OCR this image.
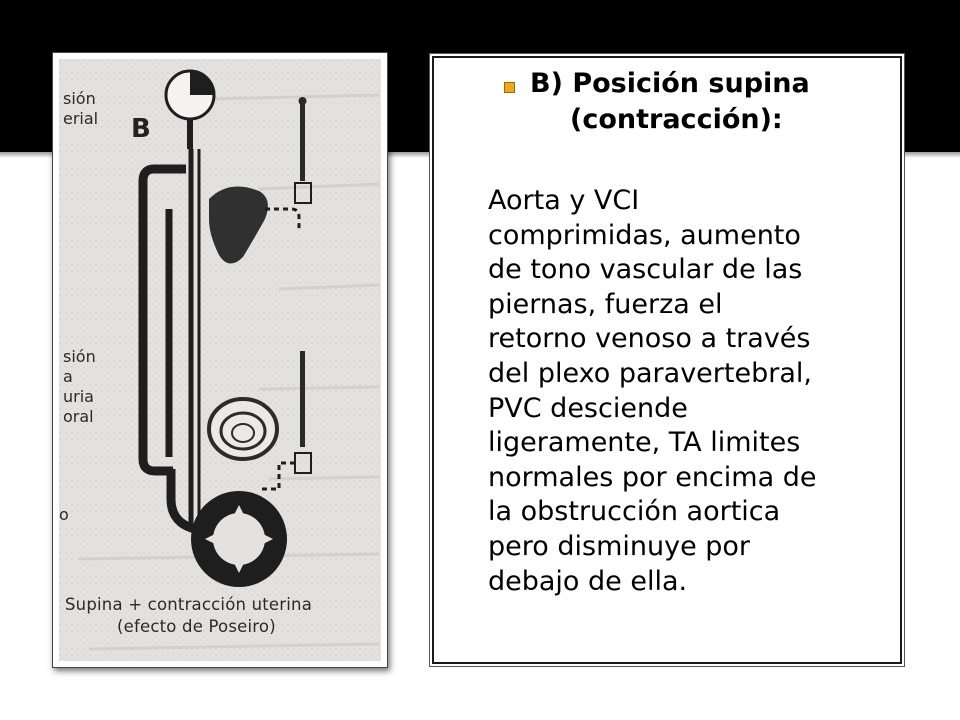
B
sión
erial
sión
a
uria
oral
o
Supina + contracción uterina
(efecto de Poseiro)
B) Posición supina
(contracción):
Aorta y VCI
comprimidas, aumento
de tono vascular de las
piernas, fuerza el
retorno venoso a través
del plexo paravertebral,
PVC desciende
ligeramente, TA limites
normales por encima de
la obstrucción aortica
pero disminuye por
debajo de ella.
